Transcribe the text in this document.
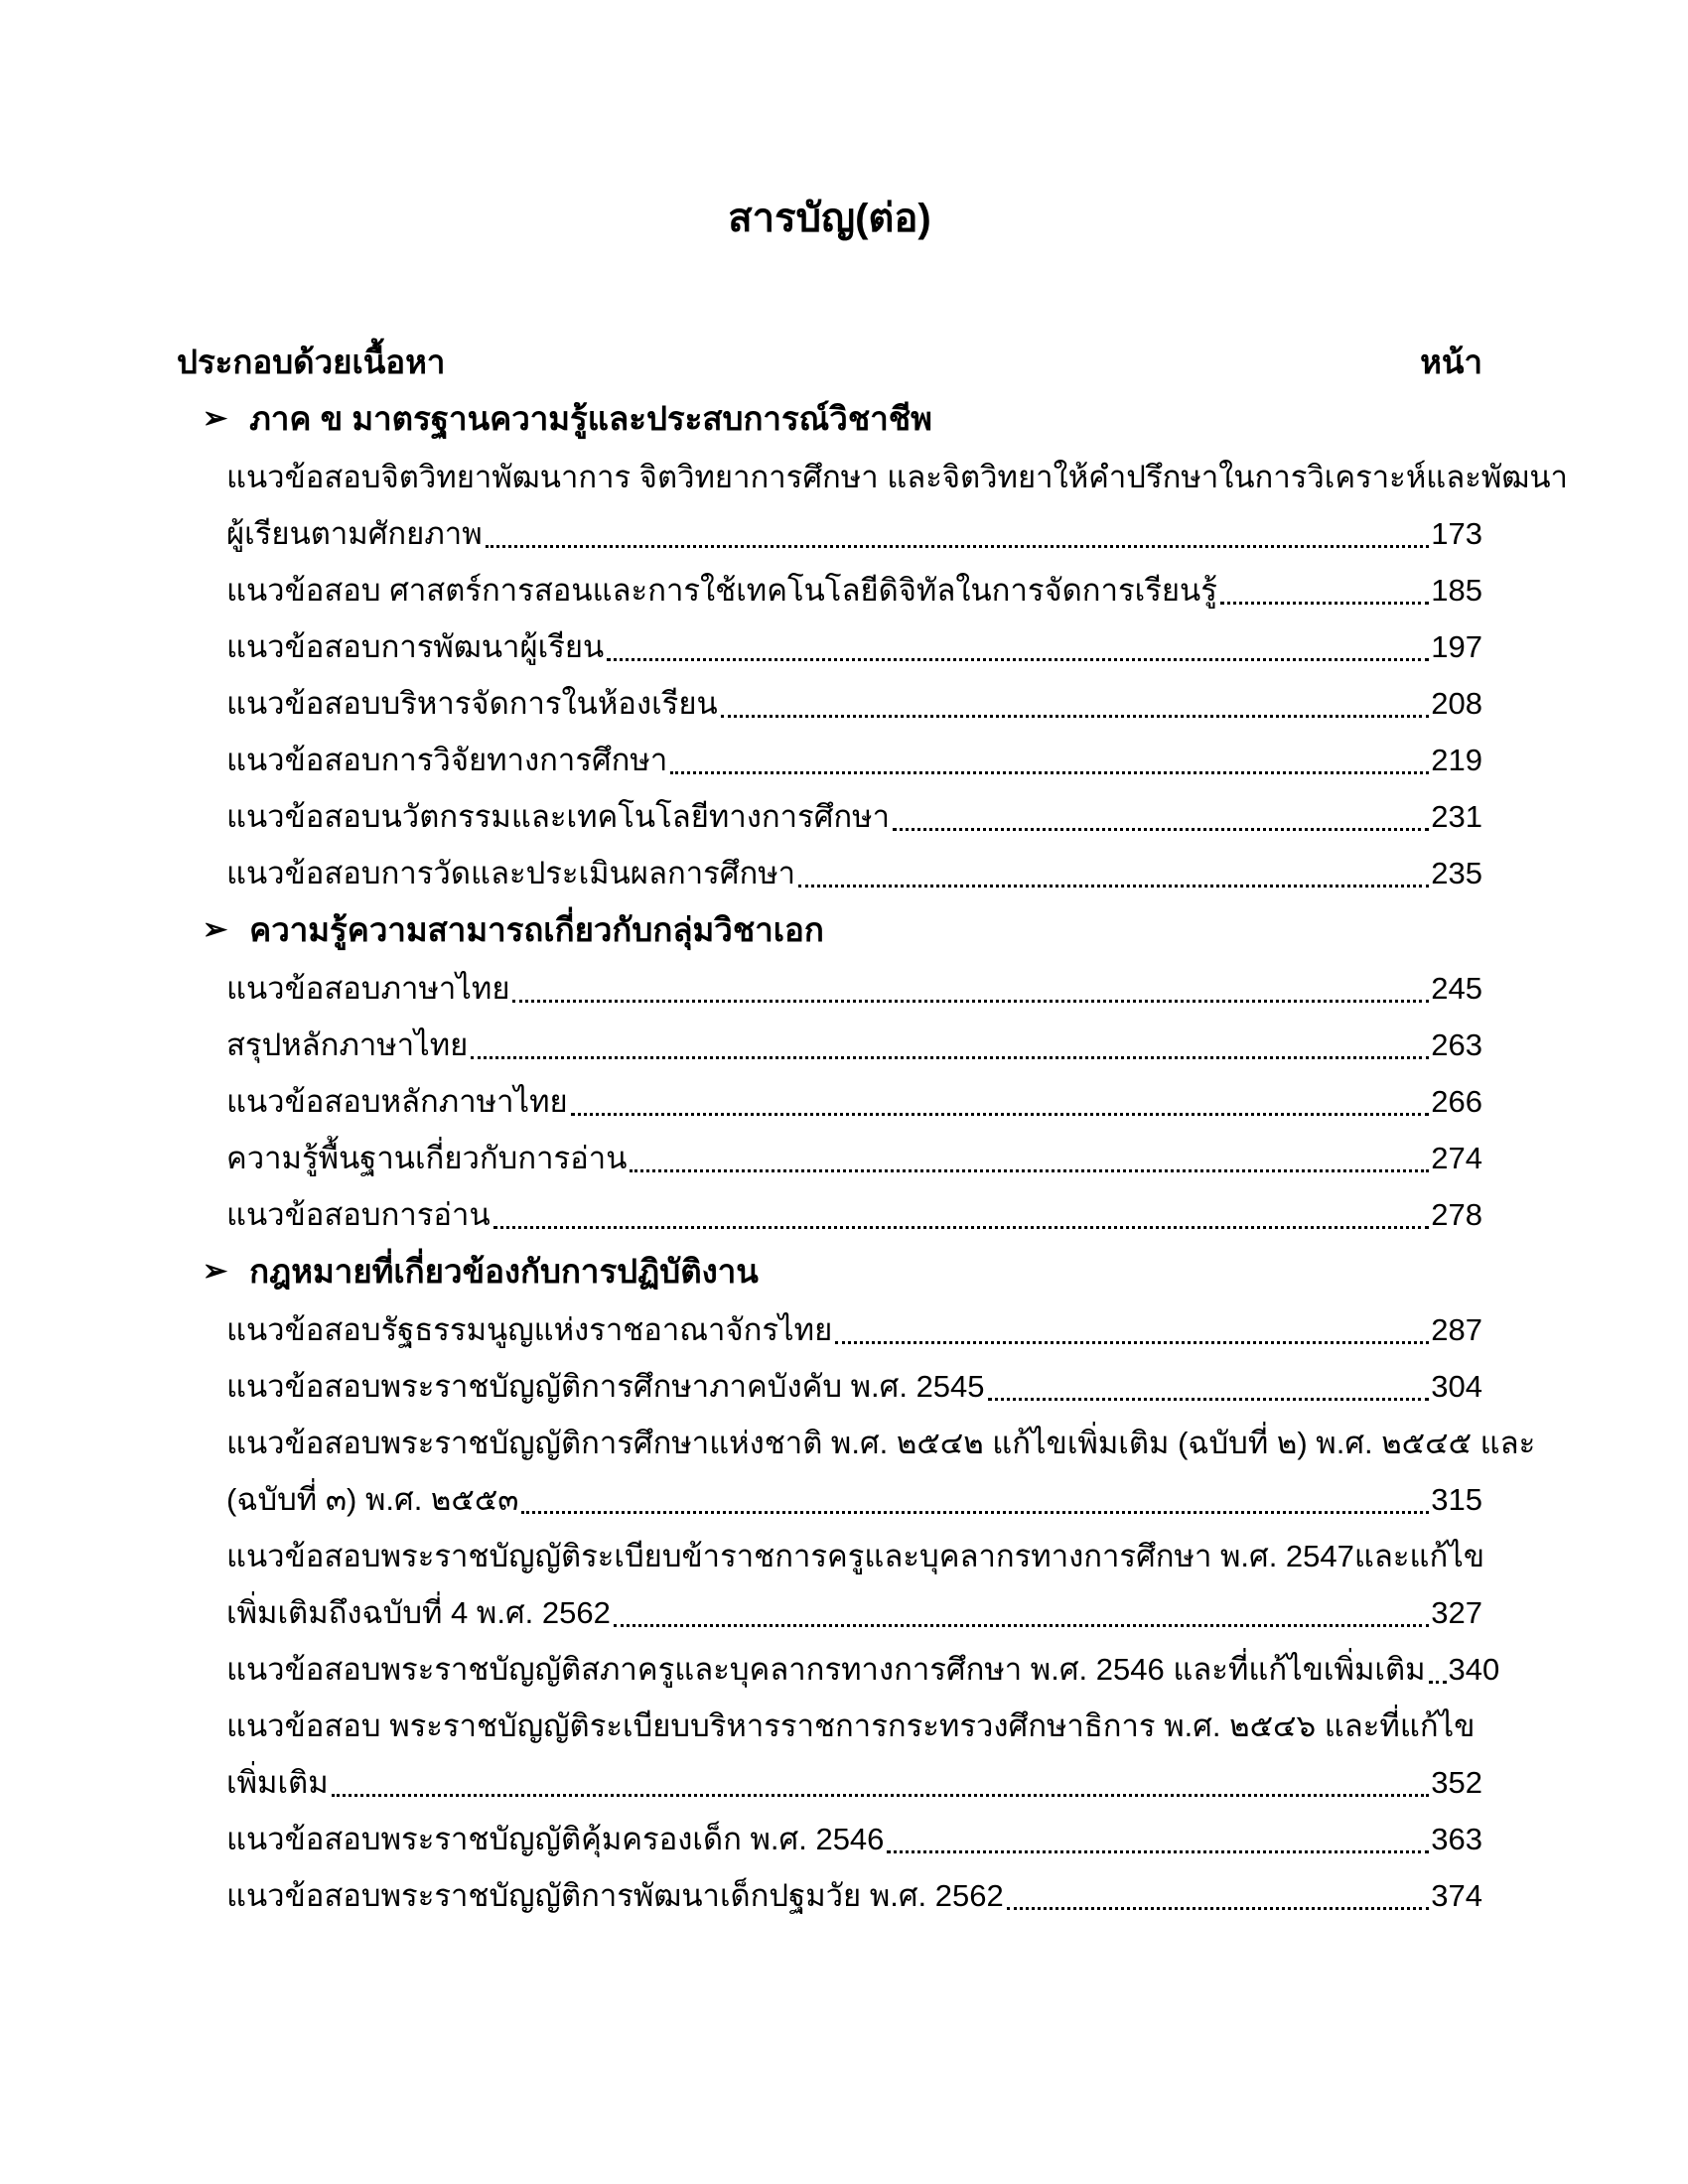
สารบัญ(ต่อ)
ประกอบด้วยเนื้อหา	หน้า
➢ ภาค ข มาตรฐานความรู้และประสบการณ์วิชาชีพ
แนวข้อสอบจิตวิทยาพัฒนาการ จิตวิทยาการศึกษา และจิตวิทยาให้คำปรึกษาในการวิเคราะห์และพัฒนา
ผู้เรียนตามศักยภาพ	173
แนวข้อสอบ ศาสตร์การสอนและการใช้เทคโนโลยีดิจิทัลในการจัดการเรียนรู้	185
แนวข้อสอบการพัฒนาผู้เรียน	197
แนวข้อสอบบริหารจัดการในห้องเรียน	208
แนวข้อสอบการวิจัยทางการศึกษา	219
แนวข้อสอบนวัตกรรมและเทคโนโลยีทางการศึกษา	231
แนวข้อสอบการวัดและประเมินผลการศึกษา	235
➢ ความรู้ความสามารถเกี่ยวกับกลุ่มวิชาเอก
แนวข้อสอบภาษาไทย	245
สรุปหลักภาษาไทย	263
แนวข้อสอบหลักภาษาไทย	266
ความรู้พื้นฐานเกี่ยวกับการอ่าน	274
แนวข้อสอบการอ่าน	278
➢ กฎหมายที่เกี่ยวข้องกับการปฏิบัติงาน
แนวข้อสอบรัฐธรรมนูญแห่งราชอาณาจักรไทย	287
แนวข้อสอบพระราชบัญญัติการศึกษาภาคบังคับ พ.ศ. 2545	304
แนวข้อสอบพระราชบัญญัติการศึกษาแห่งชาติ พ.ศ. ๒๕๔๒ แก้ไขเพิ่มเติม (ฉบับที่ ๒) พ.ศ. ๒๕๔๕ และ
(ฉบับที่ ๓) พ.ศ. ๒๕๕๓	315
แนวข้อสอบพระราชบัญญัติระเบียบข้าราชการครูและบุคลากรทางการศึกษา พ.ศ. 2547และแก้ไข
เพิ่มเติมถึงฉบับที่ 4 พ.ศ. 2562	327
แนวข้อสอบพระราชบัญญัติสภาครูและบุคลากรทางการศึกษา พ.ศ. 2546 และที่แก้ไขเพิ่มเติม 340
แนวข้อสอบ พระราชบัญญัติระเบียบบริหารราชการกระทรวงศึกษาธิการ พ.ศ. ๒๕๔๖ และที่แก้ไข
เพิ่มเติม	352
แนวข้อสอบพระราชบัญญัติคุ้มครองเด็ก พ.ศ. 2546	363
แนวข้อสอบพระราชบัญญัติการพัฒนาเด็กปฐมวัย พ.ศ. 2562	374
